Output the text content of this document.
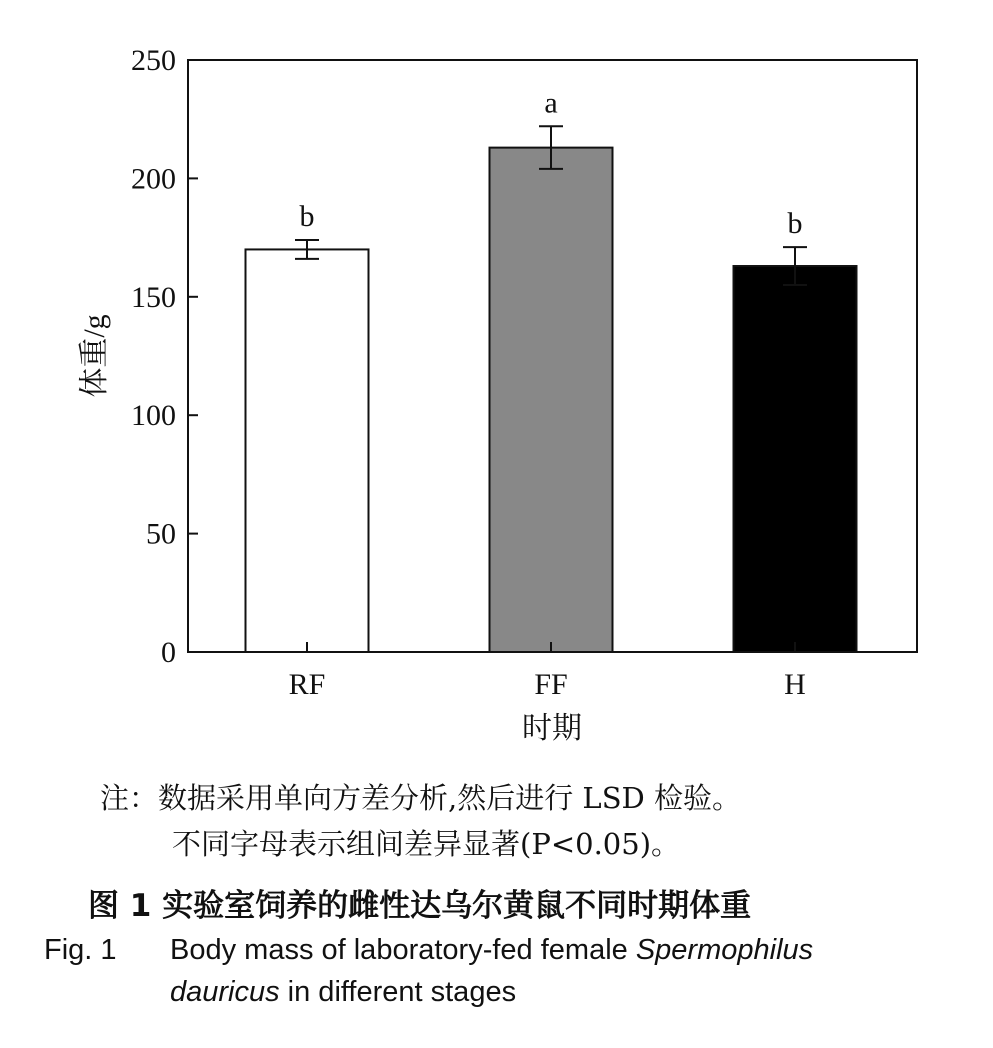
0
50
100
150
200
250
b
a
b
RF	FF	H
时期
体重/g
注：数据采用单向方差分析,然后进行 LSD 检验。
不同字母表示组间差异显著(P<0.05)。
图 1 实验室饲养的雌性达乌尔黄鼠不同时期体重
Fig. 1 Body mass of laboratory-fed female Spermophilus
dauricus in different stages
